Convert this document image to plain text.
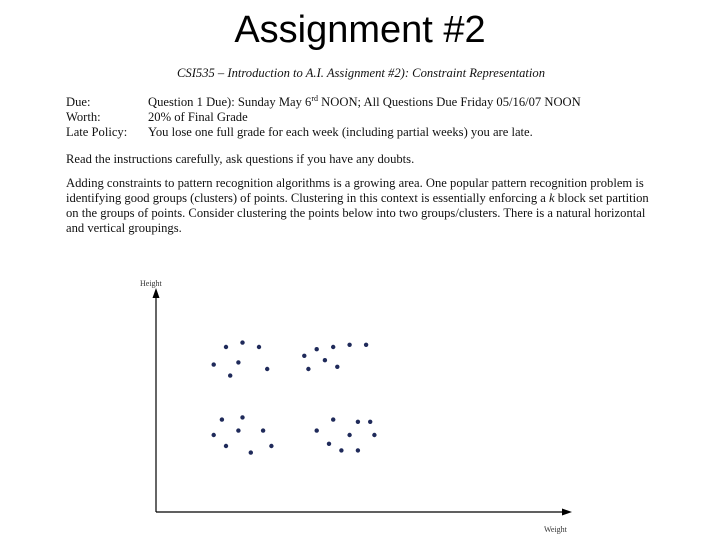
Assignment #2
CSI535 – Introduction to A.I. Assignment #2): Constraint Representation
Due:	Question 1 Due): Sunday May 6rd NOON; All Questions Due Friday 05/16/07 NOON
Worth:	20% of Final Grade
Late Policy:	You lose one full grade for each week (including partial weeks) you are late.
Read the instructions carefully, ask questions if you have any doubts.
Adding constraints to pattern recognition algorithms is a growing area. One popular pattern recognition problem is identifying good groups (clusters) of points. Clustering in this context is essentially enforcing a k block set partition on the groups of points. Consider clustering the points below into two groups/clusters. There is a natural horizontal and vertical groupings.
Height
Weight
